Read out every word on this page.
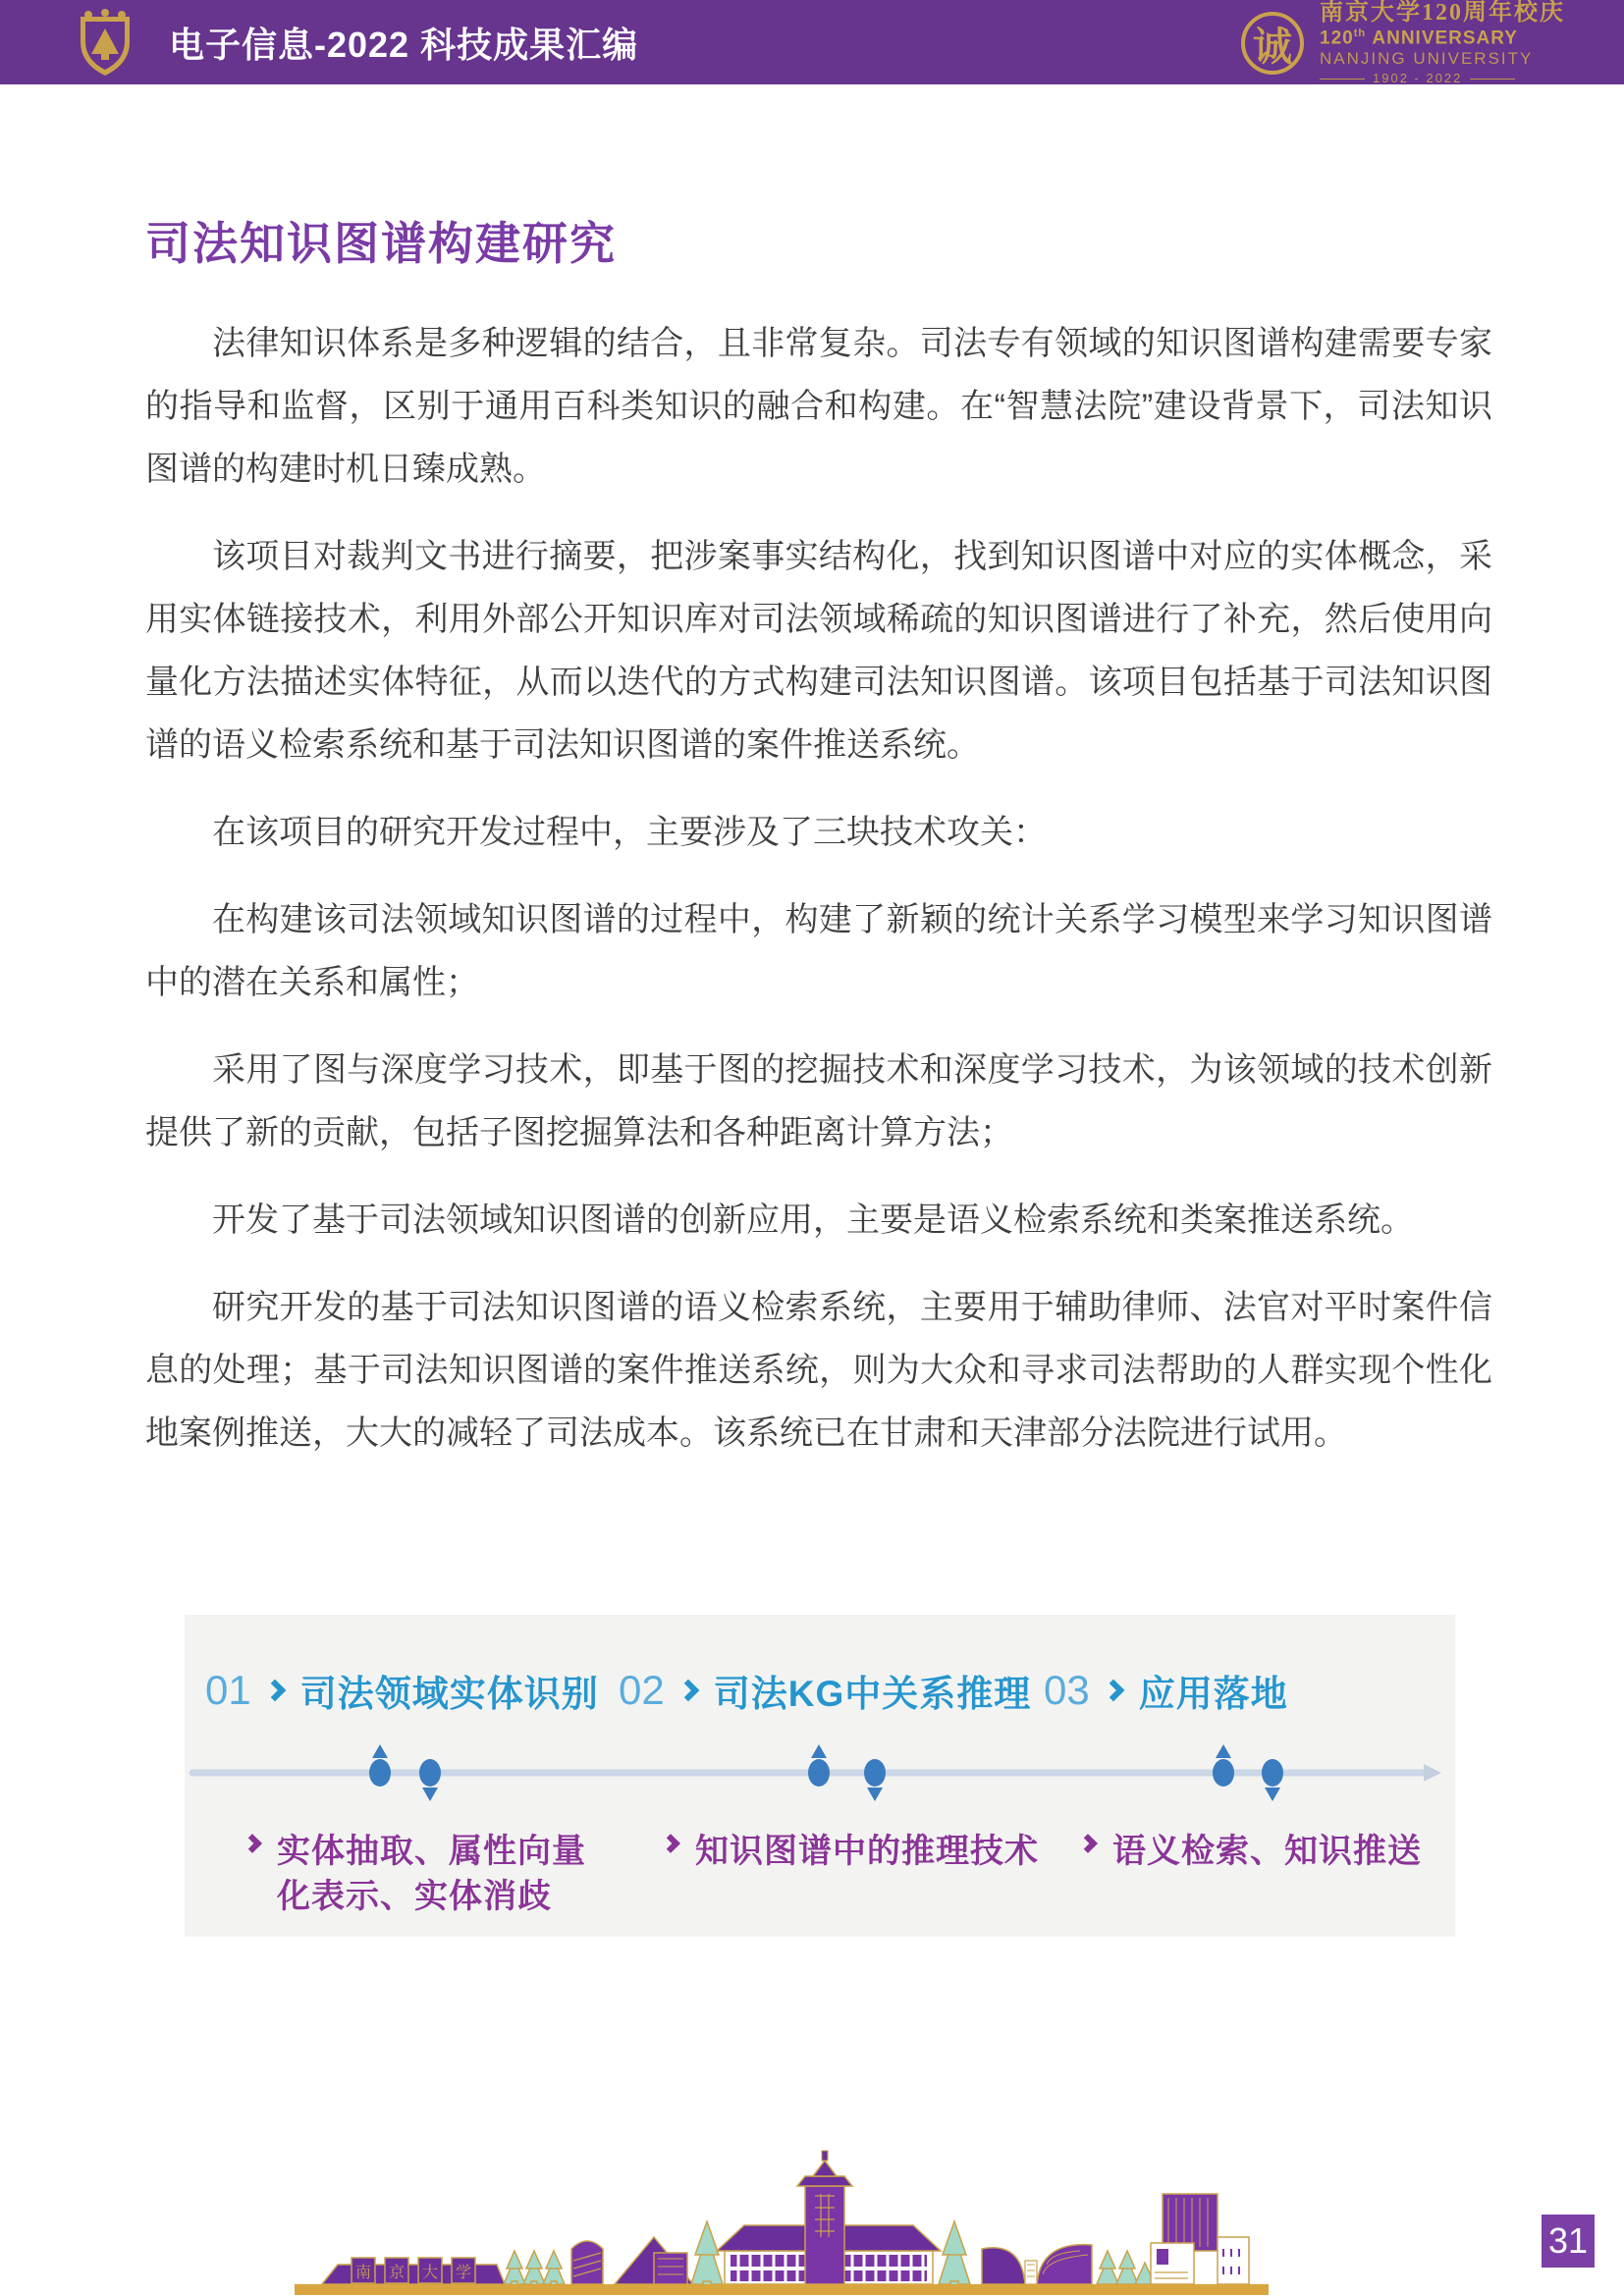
电子信息-2022 科技成果汇编	诚
南京大学120周年校庆
120th ANNIVERSARY
NANJING UNIVERSITY
1902 - 2022
司法知识图谱构建研究

法律知识体系是多种逻辑的结合，且非常复杂。司法专有领域的知识图谱构建需要专家的指导和监督，区别于通用百科类知识的融合和构建。在“智慧法院”建设背景下，司法知识图谱的构建时机日臻成熟。

该项目对裁判文书进行摘要，把涉案事实结构化，找到知识图谱中对应的实体概念，采用实体链接技术，利用外部公开知识库对司法领域稀疏的知识图谱进行了补充，然后使用向量化方法描述实体特征，从而以迭代的方式构建司法知识图谱。该项目包括基于司法知识图谱的语义检索系统和基于司法知识图谱的案件推送系统。

在该项目的研究开发过程中，主要涉及了三块技术攻关：

在构建该司法领域知识图谱的过程中，构建了新颖的统计关系学习模型来学习知识图谱中的潜在关系和属性；

采用了图与深度学习技术，即基于图的挖掘技术和深度学习技术，为该领域的技术创新提供了新的贡献，包括子图挖掘算法和各种距离计算方法；

开发了基于司法领域知识图谱的创新应用，主要是语义检索系统和类案推送系统。

研究开发的基于司法知识图谱的语义检索系统，主要用于辅助律师、法官对平时案件信息的处理；基于司法知识图谱的案件推送系统，则为大众和寻求司法帮助的人群实现个性化地案例推送，大大的减轻了司法成本。该系统已在甘肃和天津部分法院进行试用。

01 司法领域实体识别 02 司法KG中关系推理 03 应用落地
实体抽取、属性向量化表示、实体消歧
知识图谱中的推理技术 语义检索、知识推送
南 京 大 学
31
